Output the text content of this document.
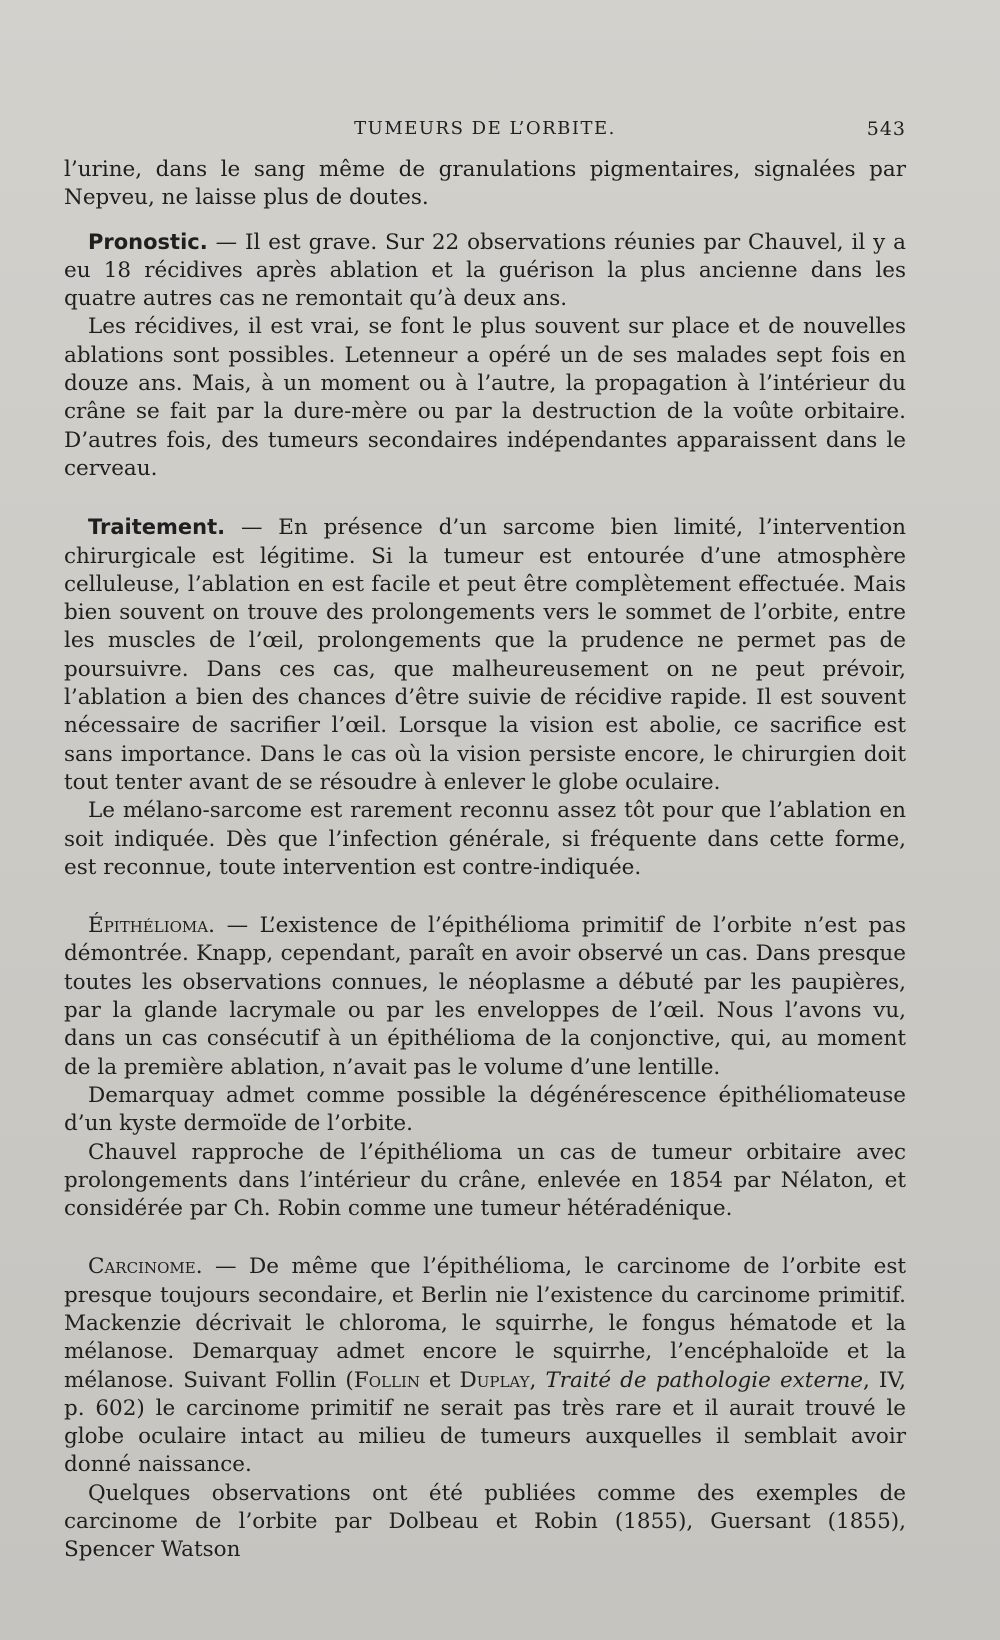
TUMEURS DE L’ORBITE.	543

l’urine, dans le sang même de granulations pigmentaires, signalées par Nepveu, ne laisse plus de doutes.

Pronostic. — Il est grave. Sur 22 observations réunies par Chauvel, il y a eu 18 récidives après ablation et la guérison la plus ancienne dans les quatre autres cas ne remontait qu’à deux ans.

Les récidives, il est vrai, se font le plus souvent sur place et de nouvelles ablations sont possibles. Letenneur a opéré un de ses malades sept fois en douze ans. Mais, à un moment ou à l’autre, la propagation à l’intérieur du crâne se fait par la dure-mère ou par la destruction de la voûte orbitaire. D’autres fois, des tumeurs secondaires indépendantes apparaissent dans le cerveau.

Traitement. — En présence d’un sarcome bien limité, l’intervention chirurgicale est légitime. Si la tumeur est entourée d’une atmosphère celluleuse, l’ablation en est facile et peut être complètement effectuée. Mais bien souvent on trouve des prolongements vers le sommet de l’orbite, entre les muscles de l’œil, prolongements que la prudence ne permet pas de poursuivre. Dans ces cas, que malheureusement on ne peut prévoir, l’ablation a bien des chances d’être suivie de récidive rapide. Il est souvent nécessaire de sacrifier l’œil. Lorsque la vision est abolie, ce sacrifice est sans importance. Dans le cas où la vision persiste encore, le chirurgien doit tout tenter avant de se résoudre à enlever le globe oculaire.

Le mélano-sarcome est rarement reconnu assez tôt pour que l’ablation en soit indiquée. Dès que l’infection générale, si fréquente dans cette forme, est reconnue, toute intervention est contre-indiquée.

Épithélioma. — L’existence de l’épithélioma primitif de l’orbite n’est pas démontrée. Knapp, cependant, paraît en avoir observé un cas. Dans presque toutes les observations connues, le néoplasme a débuté par les paupières, par la glande lacrymale ou par les enveloppes de l’œil. Nous l’avons vu, dans un cas consécutif à un épithélioma de la conjonctive, qui, au moment de la première ablation, n’avait pas le volume d’une lentille.

Demarquay admet comme possible la dégénérescence épithéliomateuse d’un kyste dermoïde de l’orbite.

Chauvel rapproche de l’épithélioma un cas de tumeur orbitaire avec prolongements dans l’intérieur du crâne, enlevée en 1854 par Nélaton, et considérée par Ch. Robin comme une tumeur hétéradénique.

Carcinome. — De même que l’épithélioma, le carcinome de l’orbite est presque toujours secondaire, et Berlin nie l’existence du carcinome primitif. Mackenzie décrivait le chloroma, le squirrhe, le fongus hématode et la mélanose. Demarquay admet encore le squirrhe, l’encéphaloïde et la mélanose. Suivant Follin (Follin et Duplay, Traité de pathologie externe, IV, p. 602) le carcinome primitif ne serait pas très rare et il aurait trouvé le globe oculaire intact au milieu de tumeurs auxquelles il semblait avoir donné naissance.

Quelques observations ont été publiées comme des exemples de carcinome de l’orbite par Dolbeau et Robin (1855), Guersant (1855), Spencer Watson
